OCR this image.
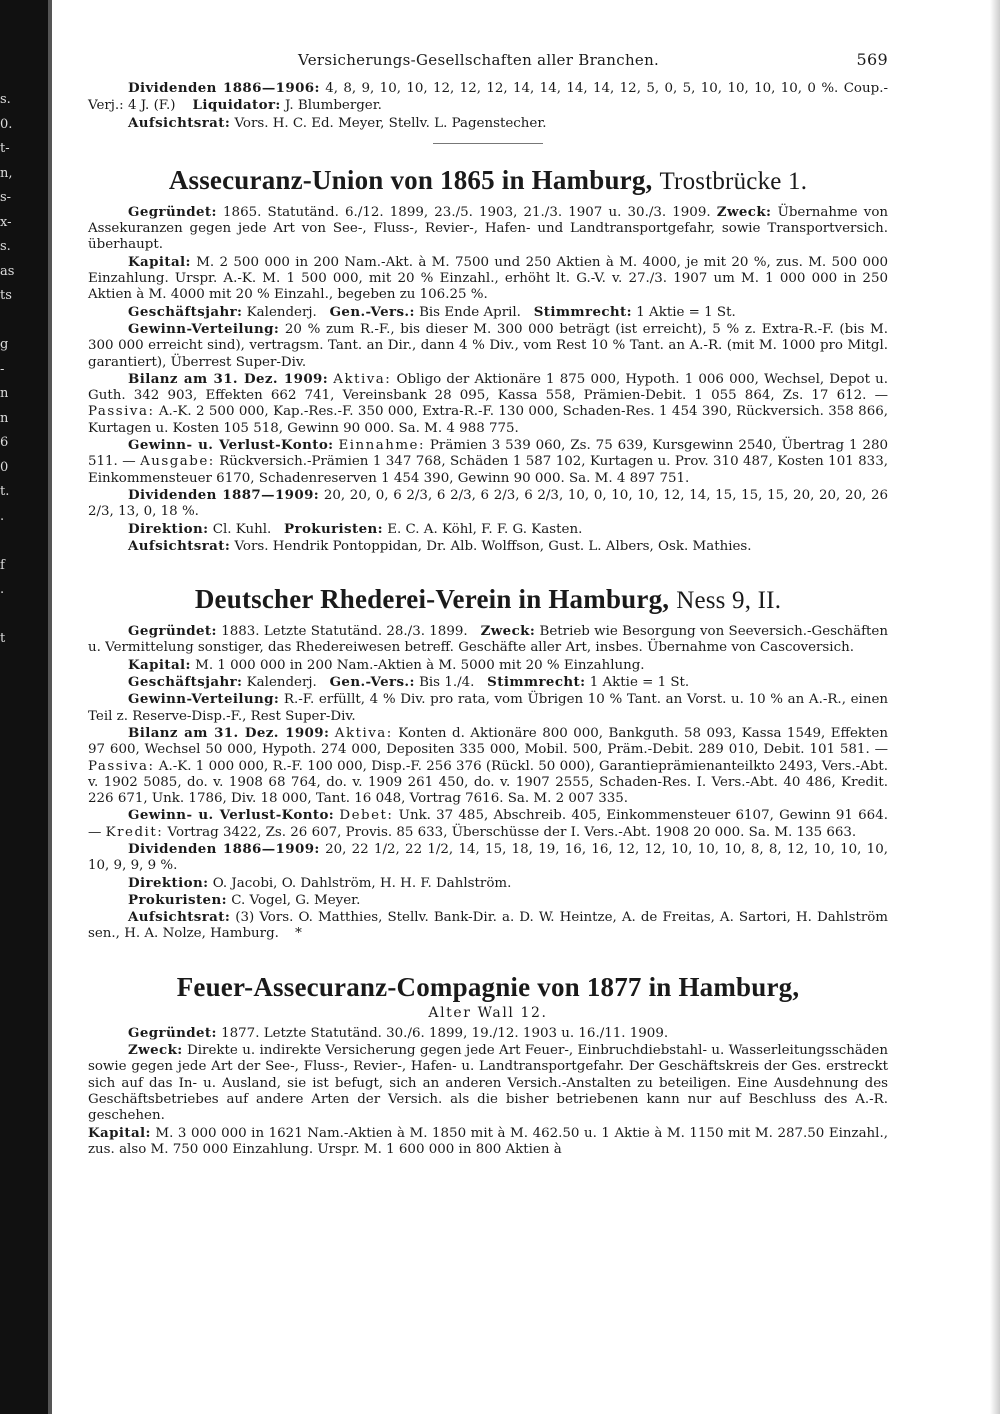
s.
0.
t-
n,
s-
x-
s.
as
ts
g
-
n
n
6
0
t.
.
f
.
t
Versicherungs-Gesellschaften aller Branchen.	569

Dividenden 1886—1906: 4, 8, 9, 10, 10, 12, 12, 12, 14, 14, 14, 14, 12, 5, 0, 5, 10, 10, 10, 10, 0 %. Coup.-Verj.: 4 J. (F.) Liquidator: J. Blumberger.

Aufsichtsrat: Vors. H. C. Ed. Meyer, Stellv. L. Pagenstecher.

Assecuranz-Union von 1865 in Hamburg, Trostbrücke 1.

Gegründet: 1865. Statutänd. 6./12. 1899, 23./5. 1903, 21./3. 1907 u. 30./3. 1909. Zweck: Übernahme von Assekuranzen gegen jede Art von See-, Fluss-, Revier-, Hafen- und Landtransportgefahr, sowie Transportversich. überhaupt.

Kapital: M. 2 500 000 in 200 Nam.-Akt. à M. 7500 und 250 Aktien à M. 4000, je mit 20 %, zus. M. 500 000 Einzahlung. Urspr. A.-K. M. 1 500 000, mit 20 % Einzahl., erhöht lt. G.-V. v. 27./3. 1907 um M. 1 000 000 in 250 Aktien à M. 4000 mit 20 % Einzahl., begeben zu 106.25 %.

Geschäftsjahr: Kalenderj. Gen.-Vers.: Bis Ende April. Stimmrecht: 1 Aktie = 1 St.

Gewinn-Verteilung: 20 % zum R.-F., bis dieser M. 300 000 beträgt (ist erreicht), 5 % z. Extra-R.-F. (bis M. 300 000 erreicht sind), vertragsm. Tant. an Dir., dann 4 % Div., vom Rest 10 % Tant. an A.-R. (mit M. 1000 pro Mitgl. garantiert), Überrest Super-Div.

Bilanz am 31. Dez. 1909: Aktiva: Obligo der Aktionäre 1 875 000, Hypoth. 1 006 000, Wechsel, Depot u. Guth. 342 903, Effekten 662 741, Vereinsbank 28 095, Kassa 558, Prämien-Debit. 1 055 864, Zs. 17 612. — Passiva: A.-K. 2 500 000, Kap.-Res.-F. 350 000, Extra-R.-F. 130 000, Schaden-Res. 1 454 390, Rückversich. 358 866, Kurtagen u. Kosten 105 518, Gewinn 90 000. Sa. M. 4 988 775.

Gewinn- u. Verlust-Konto: Einnahme: Prämien 3 539 060, Zs. 75 639, Kursgewinn 2540, Übertrag 1 280 511. — Ausgabe: Rückversich.-Prämien 1 347 768, Schäden 1 587 102, Kurtagen u. Prov. 310 487, Kosten 101 833, Einkommensteuer 6170, Schadenreserven 1 454 390, Gewinn 90 000. Sa. M. 4 897 751.

Dividenden 1887—1909: 20, 20, 0, 6 2/3, 6 2/3, 6 2/3, 6 2/3, 10, 0, 10, 10, 12, 14, 15, 15, 15, 20, 20, 20, 26 2/3, 13, 0, 18 %.

Direktion: Cl. Kuhl. Prokuristen: E. C. A. Köhl, F. F. G. Kasten.

Aufsichtsrat: Vors. Hendrik Pontoppidan, Dr. Alb. Wolffson, Gust. L. Albers, Osk. Mathies.

Deutscher Rhederei-Verein in Hamburg, Ness 9, II.

Gegründet: 1883. Letzte Statutänd. 28./3. 1899. Zweck: Betrieb wie Besorgung von Seeversich.-Geschäften u. Vermittelung sonstiger, das Rhedereiwesen betreff. Geschäfte aller Art, insbes. Übernahme von Cascoversich.

Kapital: M. 1 000 000 in 200 Nam.-Aktien à M. 5000 mit 20 % Einzahlung.

Geschäftsjahr: Kalenderj. Gen.-Vers.: Bis 1./4. Stimmrecht: 1 Aktie = 1 St.

Gewinn-Verteilung: R.-F. erfüllt, 4 % Div. pro rata, vom Übrigen 10 % Tant. an Vorst. u. 10 % an A.-R., einen Teil z. Reserve-Disp.-F., Rest Super-Div.

Bilanz am 31. Dez. 1909: Aktiva: Konten d. Aktionäre 800 000, Bankguth. 58 093, Kassa 1549, Effekten 97 600, Wechsel 50 000, Hypoth. 274 000, Depositen 335 000, Mobil. 500, Präm.-Debit. 289 010, Debit. 101 581. — Passiva: A.-K. 1 000 000, R.-F. 100 000, Disp.-F. 256 376 (Rückl. 50 000), Garantieprämienanteilkto 2493, Vers.-Abt. v. 1902 5085, do. v. 1908 68 764, do. v. 1909 261 450, do. v. 1907 2555, Schaden-Res. I. Vers.-Abt. 40 486, Kredit. 226 671, Unk. 1786, Div. 18 000, Tant. 16 048, Vortrag 7616. Sa. M. 2 007 335.

Gewinn- u. Verlust-Konto: Debet: Unk. 37 485, Abschreib. 405, Einkommensteuer 6107, Gewinn 91 664. — Kredit: Vortrag 3422, Zs. 26 607, Provis. 85 633, Überschüsse der I. Vers.-Abt. 1908 20 000. Sa. M. 135 663.

Dividenden 1886—1909: 20, 22 1/2, 22 1/2, 14, 15, 18, 19, 16, 16, 12, 12, 10, 10, 10, 8, 8, 12, 10, 10, 10, 10, 9, 9, 9 %.

Direktion: O. Jacobi, O. Dahlström, H. H. F. Dahlström.

Prokuristen: C. Vogel, G. Meyer.

Aufsichtsrat: (3) Vors. O. Matthies, Stellv. Bank-Dir. a. D. W. Heintze, A. de Freitas, A. Sartori, H. Dahlström sen., H. A. Nolze, Hamburg. *

Feuer-Assecuranz-Compagnie von 1877 in Hamburg,
Alter Wall 12.

Gegründet: 1877. Letzte Statutänd. 30./6. 1899, 19./12. 1903 u. 16./11. 1909.

Zweck: Direkte u. indirekte Versicherung gegen jede Art Feuer-, Einbruchdiebstahl- u. Wasserleitungsschäden sowie gegen jede Art der See-, Fluss-, Revier-, Hafen- u. Landtransportgefahr. Der Geschäftskreis der Ges. erstreckt sich auf das In- u. Ausland, sie ist befugt, sich an anderen Versich.-Anstalten zu beteiligen. Eine Ausdehnung des Geschäftsbetriebes auf andere Arten der Versich. als die bisher betriebenen kann nur auf Beschluss des A.-R. geschehen.

Kapital: M. 3 000 000 in 1621 Nam.-Aktien à M. 1850 mit à M. 462.50 u. 1 Aktie à M. 1150 mit M. 287.50 Einzahl., zus. also M. 750 000 Einzahlung. Urspr. M. 1 600 000 in 800 Aktien à
